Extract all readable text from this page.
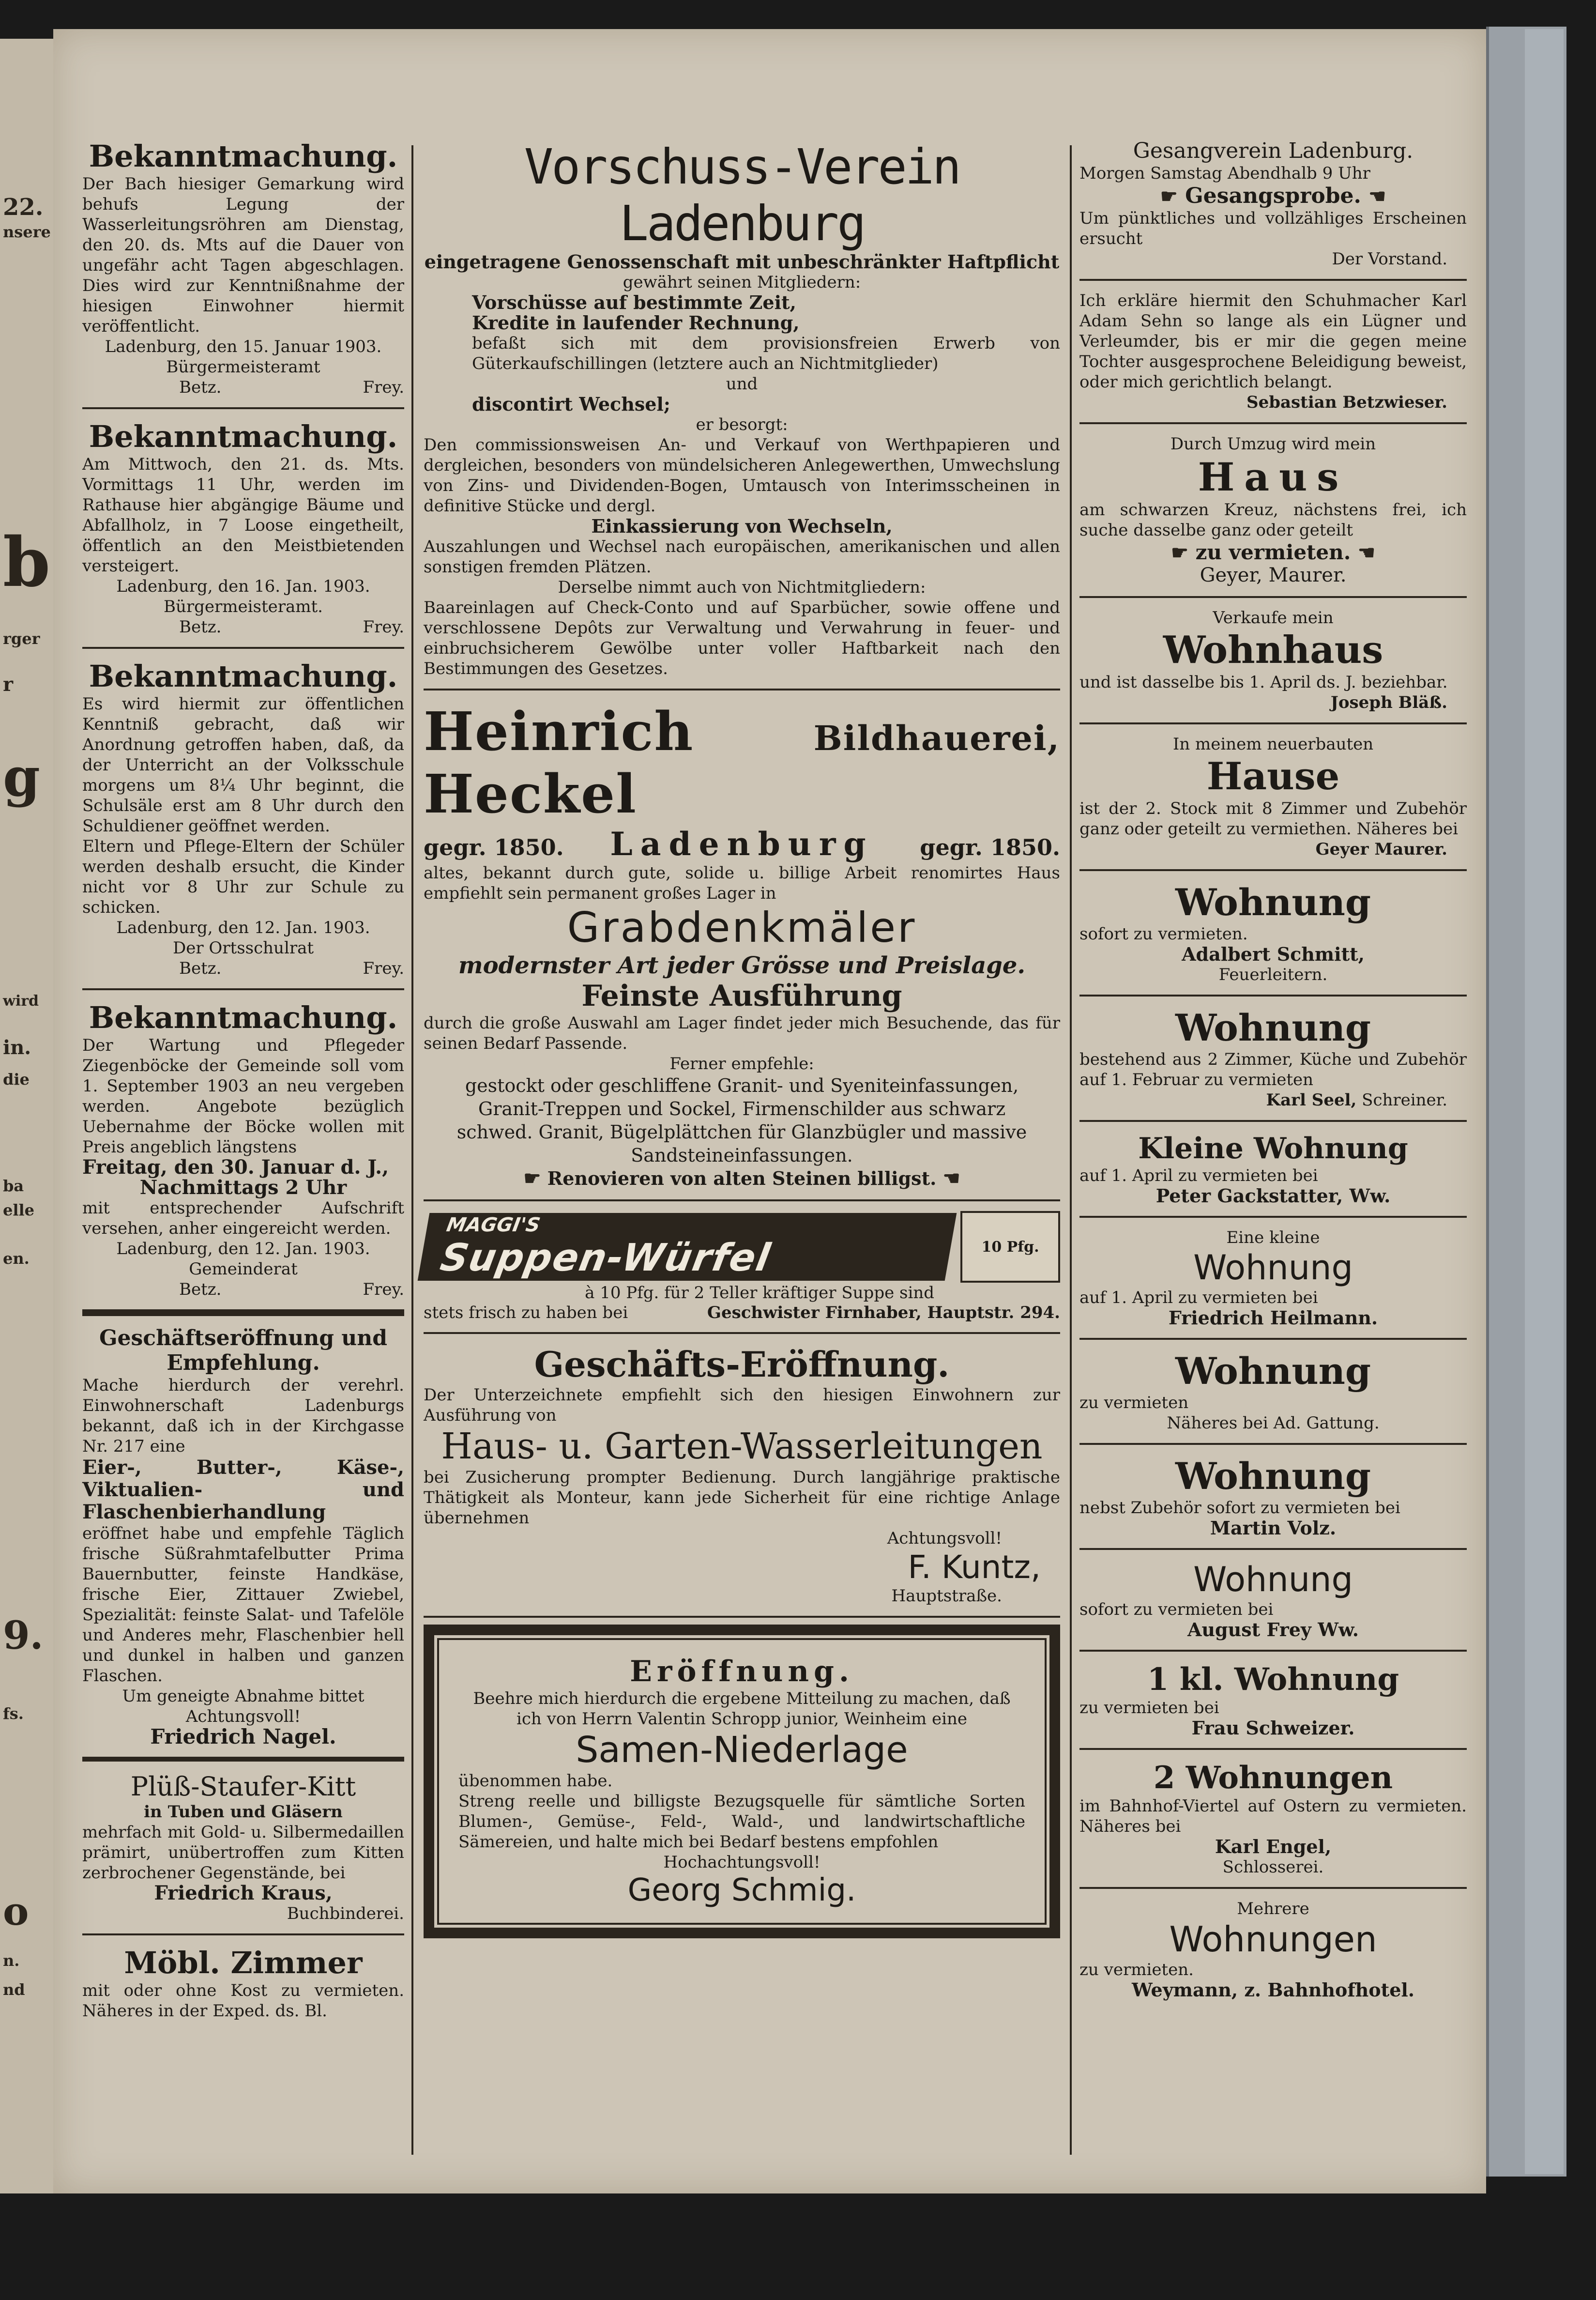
22.
nsere
b
rger
r
g
wird
in.
die
ba
elle
en.
9.
fs.
o
n.
nd
Bekanntmachung.
Der Bach hiesiger Gemarkung wird behufs Legung der Wasserleitungsröhren am Dienstag, den 20. ds. Mts auf die Dauer von ungefähr acht Tagen abgeschlagen. Dies wird zur Kenntnißnahme der hiesigen Einwohner hiermit veröffentlicht.
Ladenburg, den 15. Januar 1903.
Bürgermeisteramt
Betz.	Frey.
Bekanntmachung.
Am Mittwoch, den 21. ds. Mts. Vormittags 11 Uhr, werden im Rathause hier abgängige Bäume und Abfallholz, in 7 Loose eingetheilt, öffentlich an den Meistbietenden versteigert.
Ladenburg, den 16. Jan. 1903.
Bürgermeisteramt.
Betz.	Frey.
Bekanntmachung.
Es wird hiermit zur öffentlichen Kenntniß gebracht, daß wir Anordnung getroffen haben, daß, da der Unterricht an der Volksschule morgens um 8¼ Uhr beginnt, die Schulsäle erst am 8 Uhr durch den Schuldiener geöffnet werden.
Eltern und Pflege-Eltern der Schüler werden deshalb ersucht, die Kinder nicht vor 8 Uhr zur Schule zu schicken.
Ladenburg, den 12. Jan. 1903.
Der Ortsschulrat
Betz.	Frey.
Bekanntmachung.
Der Wartung und Pflegeder Ziegenböcke der Gemeinde soll vom 1. September 1903 an neu vergeben werden. Angebote bezüglich Uebernahme der Böcke wollen mit Preis angeblich längstens
Freitag, den 30. Januar d. J.,
Nachmittags 2 Uhr
mit entsprechender Aufschrift versehen, anher eingereicht werden.
Ladenburg, den 12. Jan. 1903.
Gemeinderat
Betz.	Frey.
Geschäftseröffnung und
Empfehlung.
Mache hierdurch der verehrl. Einwohnerschaft Ladenburgs bekannt, daß ich in der Kirchgasse Nr. 217 eine
Eier-, Butter-, Käse-, Viktualien- und Flaschenbierhandlung
eröffnet habe und empfehle Täglich frische Süßrahmtafelbutter Prima Bauernbutter, feinste Handkäse, frische Eier, Zittauer Zwiebel, Spezialität: feinste Salat- und Tafelöle und Anderes mehr, Flaschenbier hell und dunkel in halben und ganzen Flaschen.
Um geneigte Abnahme bittet
Achtungsvoll!
Friedrich Nagel.
Plüß-Staufer-Kitt
in Tuben und Gläsern
mehrfach mit Gold- u. Silbermedaillen prämirt, unübertroffen zum Kitten zerbrochener Gegenstände, bei
Friedrich Kraus,
Buchbinderei.
Möbl. Zimmer
mit oder ohne Kost zu vermieten. Näheres in der Exped. ds. Bl.
Vorschuss-Verein Ladenburg
eingetragene Genossenschaft mit unbeschränkter Haftpflicht
gewährt seinen Mitgliedern:
Vorschüsse auf bestimmte Zeit,
Kredite in laufender Rechnung,
befaßt sich mit dem provisionsfreien Erwerb von Güterkaufschillingen (letztere auch an Nichtmitglieder)
und
discontirt Wechsel;
er besorgt:
Den commissionsweisen An- und Verkauf von Werthpapieren und dergleichen, besonders von mündelsicheren Anlegewerthen, Umwechslung von Zins- und Dividenden-Bogen, Umtausch von Interimsscheinen in definitive Stücke und dergl.
Einkassierung von Wechseln,
Auszahlungen und Wechsel nach europäischen, amerikanischen und allen sonstigen fremden Plätzen.
Derselbe nimmt auch von Nichtmitgliedern:
Baareinlagen auf Check-Conto und auf Sparbücher, sowie offene und verschlossene Depôts zur Verwaltung und Verwahrung in feuer- und einbruchsicherem Gewölbe unter voller Haftbarkeit nach den Bestimmungen des Gesetzes.
Heinrich Heckel
Bildhauerei,
gegr. 1850. Ladenburg gegr. 1850.
altes, bekannt durch gute, solide u. billige Arbeit renomirtes Haus empfiehlt sein permanent großes Lager in
Grabdenkmäler
modernster Art jeder Grösse und Preislage.
Feinste Ausführung
durch die große Auswahl am Lager findet jeder mich Besuchende, das für seinen Bedarf Passende.
Ferner empfehle:
gestockt oder geschliffene Granit- und Syeniteinfassungen, Granit-Treppen und Sockel, Firmenschilder aus schwarz schwed. Granit, Bügelplättchen für Glanzbügler und massive Sandsteineinfassungen.
☛ Renovieren von alten Steinen billigst. ☚
MAGGI'S
Suppen-Würfel	10 Pfg.
à 10 Pfg. für 2 Teller kräftiger Suppe sind
stets frisch zu haben bei	Geschwister Firnhaber, Hauptstr. 294.
Geschäfts-Eröffnung.
Der Unterzeichnete empfiehlt sich den hiesigen Einwohnern zur Ausführung von
Haus- u. Garten-Wasserleitungen
bei Zusicherung prompter Bedienung. Durch langjährige praktische Thätigkeit als Monteur, kann jede Sicherheit für eine richtige Anlage übernehmen
Achtungsvoll!
F. Kuntz,
Hauptstraße.
Eröffnung.
Beehre mich hierdurch die ergebene Mitteilung zu machen, daß ich von Herrn Valentin Schropp junior, Weinheim eine
Samen-Niederlage
übenommen habe.
Streng reelle und billigste Bezugsquelle für sämtliche Sorten Blumen-, Gemüse-, Feld-, Wald-, und landwirtschaftliche Sämereien, und halte mich bei Bedarf bestens empfohlen
Hochachtungsvoll!
Georg Schmig.
Gesangverein Ladenburg.
Morgen Samstag Abendhalb 9 Uhr
☛ Gesangsprobe. ☚
Um pünktliches und vollzähliges Erscheinen ersucht
Der Vorstand.
Ich erkläre hiermit den Schuhmacher Karl Adam Sehn so lange als ein Lügner und Verleumder, bis er mir die gegen meine Tochter ausgesprochene Beleidigung beweist, oder mich gerichtlich belangt.
Sebastian Betzwieser.
Durch Umzug wird mein
Haus
am schwarzen Kreuz, nächstens frei, ich suche dasselbe ganz oder geteilt
☛ zu vermieten. ☚
Geyer, Maurer.
Verkaufe mein
Wohnhaus
und ist dasselbe bis 1. April ds. J. beziehbar.
Joseph Bläß.
In meinem neuerbauten
Hause
ist der 2. Stock mit 8 Zimmer und Zubehör ganz oder geteilt zu vermiethen. Näheres bei
Geyer Maurer.
Wohnung
sofort zu vermieten.
Adalbert Schmitt,
Feuerleitern.
Wohnung
bestehend aus 2 Zimmer, Küche und Zubehör auf 1. Februar zu vermieten
Karl Seel, Schreiner.
Kleine Wohnung
auf 1. April zu vermieten bei
Peter Gackstatter, Ww.
Eine kleine
Wohnung
auf 1. April zu vermieten bei
Friedrich Heilmann.
Wohnung
zu vermieten
Näheres bei Ad. Gattung.
Wohnung
nebst Zubehör sofort zu vermieten bei
Martin Volz.
Wohnung
sofort zu vermieten bei
August Frey Ww.
1 kl. Wohnung
zu vermieten bei
Frau Schweizer.
2 Wohnungen
im Bahnhof-Viertel auf Ostern zu vermieten. Näheres bei
Karl Engel,
Schlosserei.
Mehrere
Wohnungen
zu vermieten.
Weymann, z. Bahnhofhotel.
